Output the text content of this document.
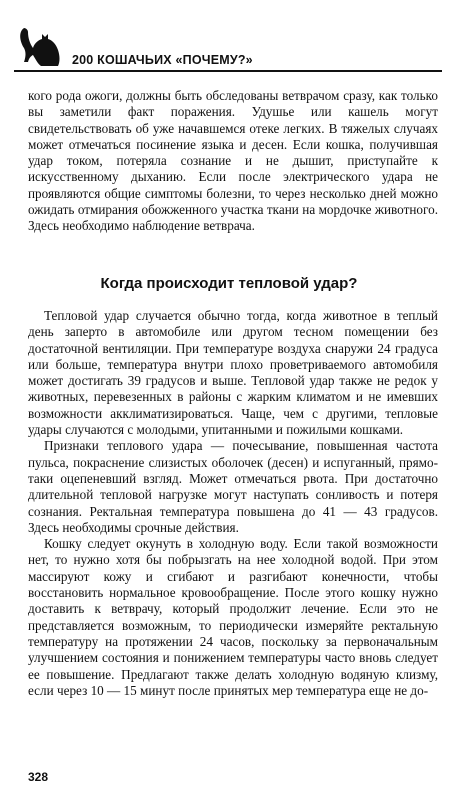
200 КОШАЧЬИХ «ПОЧЕМУ?»

кого рода ожоги, должны быть обследованы ветврачом сразу, как только вы заметили факт поражения. Удушье или кашель могут свидетельствовать об уже начавшемся отеке легких. В тяжелых случаях может отмечаться посинение языка и десен. Если кошка, получившая удар током, потеряла сознание и не дышит, приступайте к искусственному дыханию. Если после электрического удара не проявляются общие симптомы болезни, то через несколько дней можно ожидать отмирания обожженного участка ткани на мордочке животного. Здесь необходимо наблюдение ветврача.

Когда происходит тепловой удар?

Тепловой удар случается обычно тогда, когда животное в теплый день заперто в автомобиле или другом тесном помещении без достаточной вентиляции. При температуре воздуха снаружи 24 градуса или больше, температура внутри плохо проветриваемого автомобиля может достигать 39 градусов и выше. Тепловой удар также не редок у животных, перевезенных в районы с жарким климатом и не имевших возможности акклиматизироваться. Чаще, чем с другими, тепловые удары случаются с молодыми, упитанными и пожилыми кошками.

Признаки теплового удара — почесывание, повышенная частота пульса, покраснение слизистых оболочек (десен) и испуганный, прямо-таки оцепеневший взгляд. Может отмечаться рвота. При достаточно длительной тепловой нагрузке могут наступать сонливость и потеря сознания. Ректальная температура повышена до 41 — 43 градусов. Здесь необходимы срочные действия.

Кошку следует окунуть в холодную воду. Если такой возможности нет, то нужно хотя бы побрызгать на нее холодной водой. При этом массируют кожу и сгибают и разгибают конечности, чтобы восстановить нормальное кровообращение. После этого кошку нужно доставить к ветврачу, который продолжит лечение. Если это не представляется возможным, то периодически измеряйте ректальную температуру на протяжении 24 часов, поскольку за первоначальным улучшением состояния и понижением температуры часто вновь следует ее повышение. Предлагают также делать холодную водяную клизму, если через 10 — 15 минут после принятых мер температура еще не до-

328
